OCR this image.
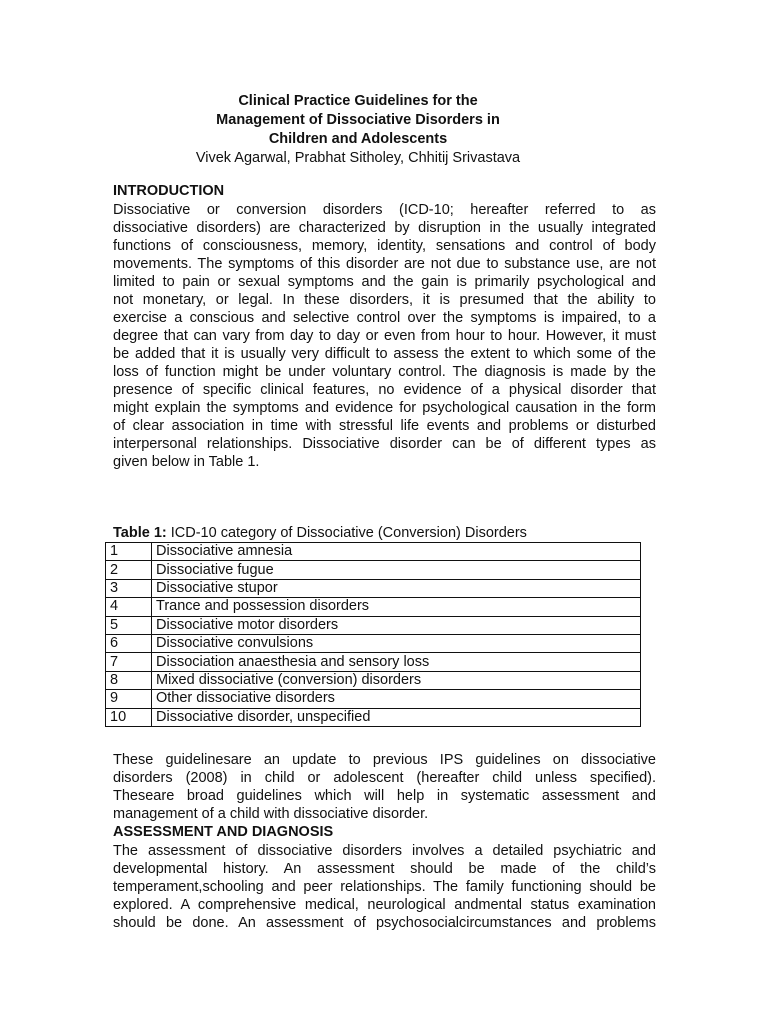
Clinical Practice Guidelines for the
Management of Dissociative Disorders in
Children and Adolescents
Vivek Agarwal, Prabhat Sitholey, Chhitij Srivastava
INTRODUCTION
Dissociative or conversion disorders (ICD-10; hereafter referred to as
dissociative disorders) are characterized by disruption in the usually integrated
functions of consciousness, memory, identity, sensations and control of body
movements. The symptoms of this disorder are not due to substance use, are not
limited to pain or sexual symptoms and the gain is primarily psychological and
not monetary, or legal. In these disorders, it is presumed that the ability to
exercise a conscious and selective control over the symptoms is impaired, to a
degree that can vary from day to day or even from hour to hour. However, it must
be added that it is usually very difficult to assess the extent to which some of the
loss of function might be under voluntary control. The diagnosis is made by the
presence of specific clinical features, no evidence of a physical disorder that
might explain the symptoms and evidence for psychological causation in the form
of clear association in time with stressful life events and problems or disturbed
interpersonal relationships. Dissociative disorder can be of different types as
given below in Table 1.
Table 1: ICD-10 category of Dissociative (Conversion) Disorders
1	Dissociative amnesia
2	Dissociative fugue
3	Dissociative stupor
4	Trance and possession disorders
5	Dissociative motor disorders
6	Dissociative convulsions
7	Dissociation anaesthesia and sensory loss
8	Mixed dissociative (conversion) disorders
9	Other dissociative disorders
10	Dissociative disorder, unspecified
These guidelinesare an update to previous IPS guidelines on dissociative
disorders (2008) in child or adolescent (hereafter child unless specified).
Theseare broad guidelines which will help in systematic assessment and
management of a child with dissociative disorder.
ASSESSMENT AND DIAGNOSIS
The assessment of dissociative disorders involves a detailed psychiatric and
developmental history. An assessment should be made of the child’s
temperament,schooling and peer relationships. The family functioning should be
explored. A comprehensive medical, neurological andmental status examination
should be done. An assessment of psychosocialcircumstances and problems
